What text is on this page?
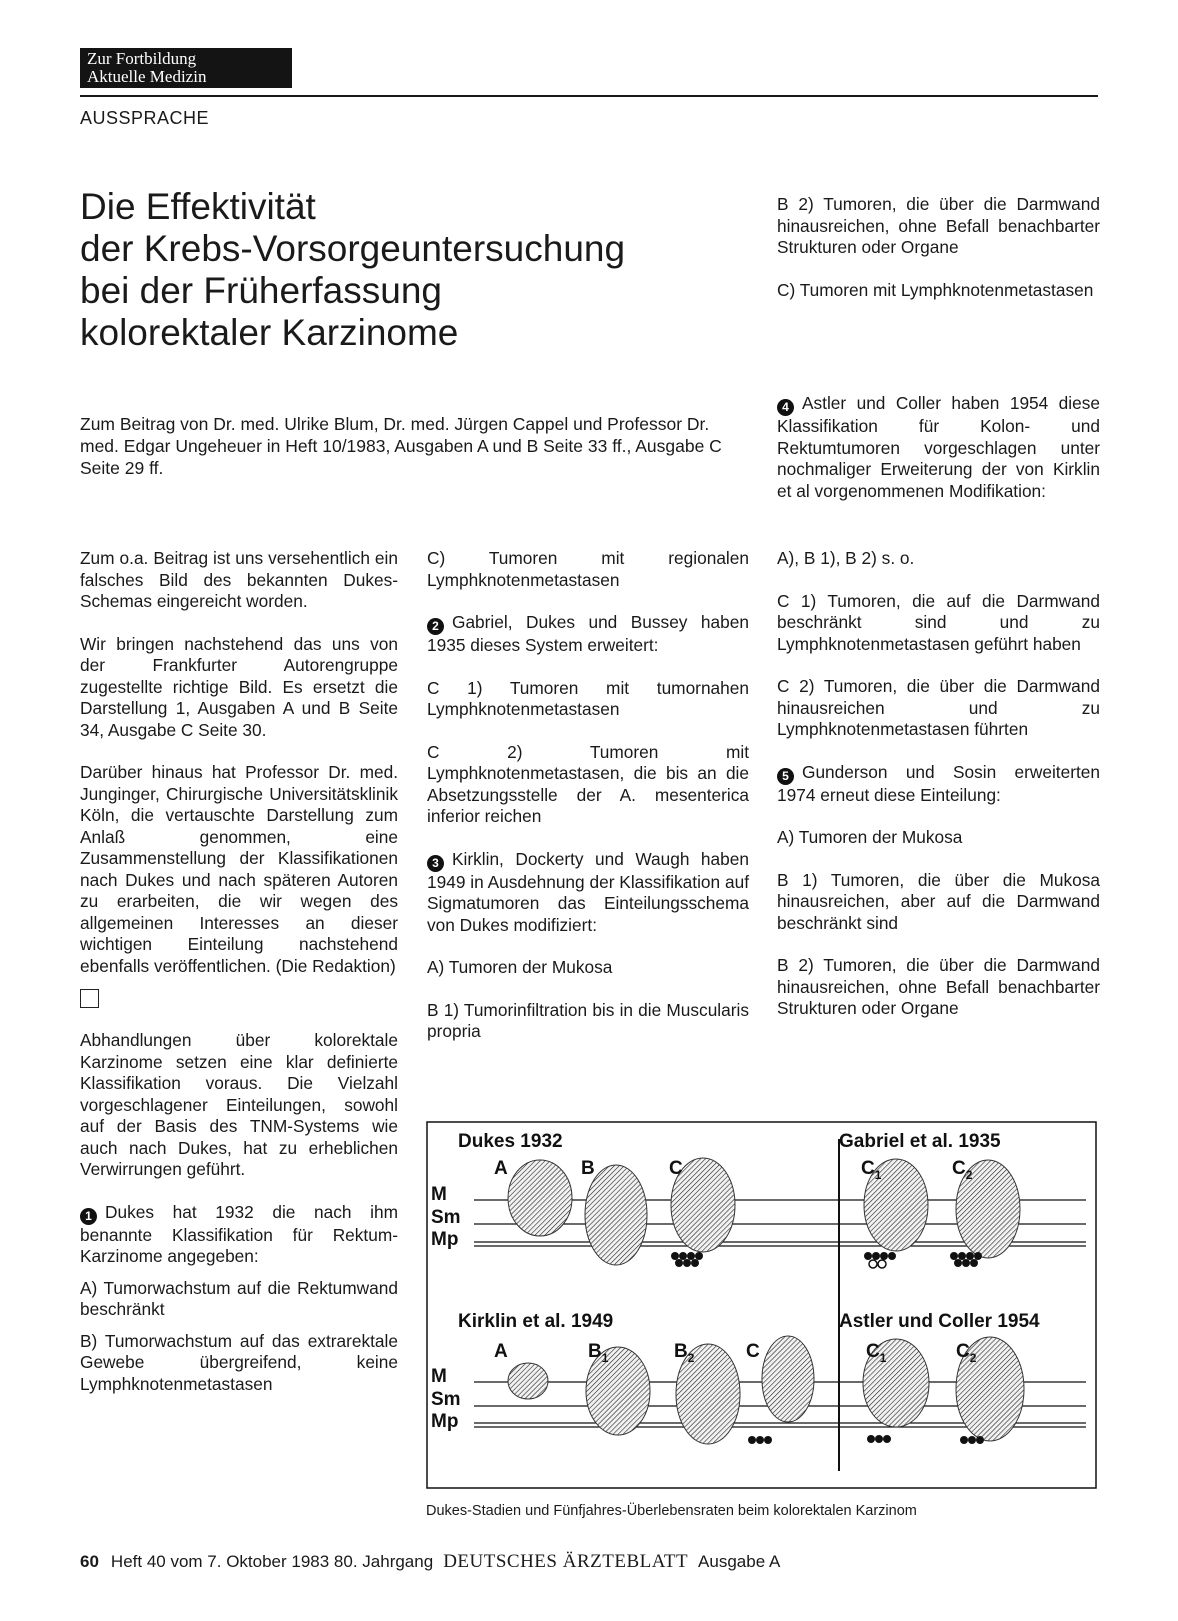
Zur Fortbildung
Aktuelle Medizin
AUSSPRACHE
Die Effektivität
der Krebs-Vorsorgeuntersuchung
bei der Früherfassung
kolorektaler Karzinome
Zum Beitrag von Dr. med. Ulrike Blum, Dr. med. Jürgen Cappel und Professor Dr. med. Edgar Ungeheuer in Heft 10/1983, Ausgaben A und B Seite 33 ff., Ausgabe C Seite 29 ff.

Zum o.a. Beitrag ist uns versehentlich ein falsches Bild des bekannten Dukes-Schemas eingereicht worden.

Wir bringen nachstehend das uns von der Frankfurter Autorengruppe zugestellte richtige Bild. Es ersetzt die Darstellung 1, Ausgaben A und B Seite 34, Ausgabe C Seite 30.

Darüber hinaus hat Professor Dr. med. Junginger, Chirurgische Universitätsklinik Köln, die vertauschte Darstellung zum Anlaß genommen, eine Zusammenstellung der Klassifikationen nach Dukes und nach späteren Autoren zu erarbeiten, die wir wegen des allgemeinen Interesses an dieser wichtigen Einteilung nachstehend ebenfalls veröffentlichen. (Die Redaktion)

Abhandlungen über kolorektale Karzinome setzen eine klar definierte Klassifikation voraus. Die Vielzahl vorgeschlagener Einteilungen, sowohl auf der Basis des TNM-Systems wie auch nach Dukes, hat zu erheblichen Verwirrungen geführt.

1 Dukes hat 1932 die nach ihm benannte Klassifikation für Rektum-Karzinome angegeben:

A) Tumorwachstum auf die Rektumwand beschränkt

B) Tumorwachstum auf das extrarektale Gewebe übergreifend, keine Lymphknotenmetastasen

C) Tumoren mit regionalen Lymphknotenmetastasen

2 Gabriel, Dukes und Bussey haben 1935 dieses System erweitert:

C 1) Tumoren mit tumornahen Lymphknotenmetastasen

C 2) Tumoren mit Lymphknotenmetastasen, die bis an die Absetzungsstelle der A. mesenterica inferior reichen

3 Kirklin, Dockerty und Waugh haben 1949 in Ausdehnung der Klassifikation auf Sigmatumoren das Einteilungsschema von Dukes modifiziert:

A) Tumoren der Mukosa

B 1) Tumorinfiltration bis in die Muscularis propria

B 2) Tumoren, die über die Darmwand hinausreichen, ohne Befall benachbarter Strukturen oder Organe

C) Tumoren mit Lymphknotenmetastasen

4 Astler und Coller haben 1954 diese Klassifikation für Kolon- und Rektumtumoren vorgeschlagen unter nochmaliger Erweiterung der von Kirklin et al vorgenommenen Modifikation:

A), B 1), B 2) s. o.

C 1) Tumoren, die auf die Darmwand beschränkt sind und zu Lymphknotenmetastasen geführt haben

C 2) Tumoren, die über die Darmwand hinausreichen und zu Lymphknotenmetastasen führten

5 Gunderson und Sosin erweiterten 1974 erneut diese Einteilung:

A) Tumoren der Mukosa

B 1) Tumoren, die über die Mukosa hinausreichen, aber auf die Darmwand beschränkt sind

B 2) Tumoren, die über die Darmwand hinausreichen, ohne Befall benachbarter Strukturen oder Organe

Dukes 1932	Gabriel et al. 1935
Kirklin et al. 1949	Astler und Coller 1954
M
Sm
Mp
M
Sm
Mp
A	B	C	$C_1$	$C_2$
A	$B_1$	$B_2$	C	$C_1$	$C_2$
Dukes-Stadien und Fünfjahres-Überlebensraten beim kolorektalen Karzinom
60 Heft 40 vom 7. Oktober 1983 80. Jahrgang DEUTSCHES ÄRZTEBLATT Ausgabe A
